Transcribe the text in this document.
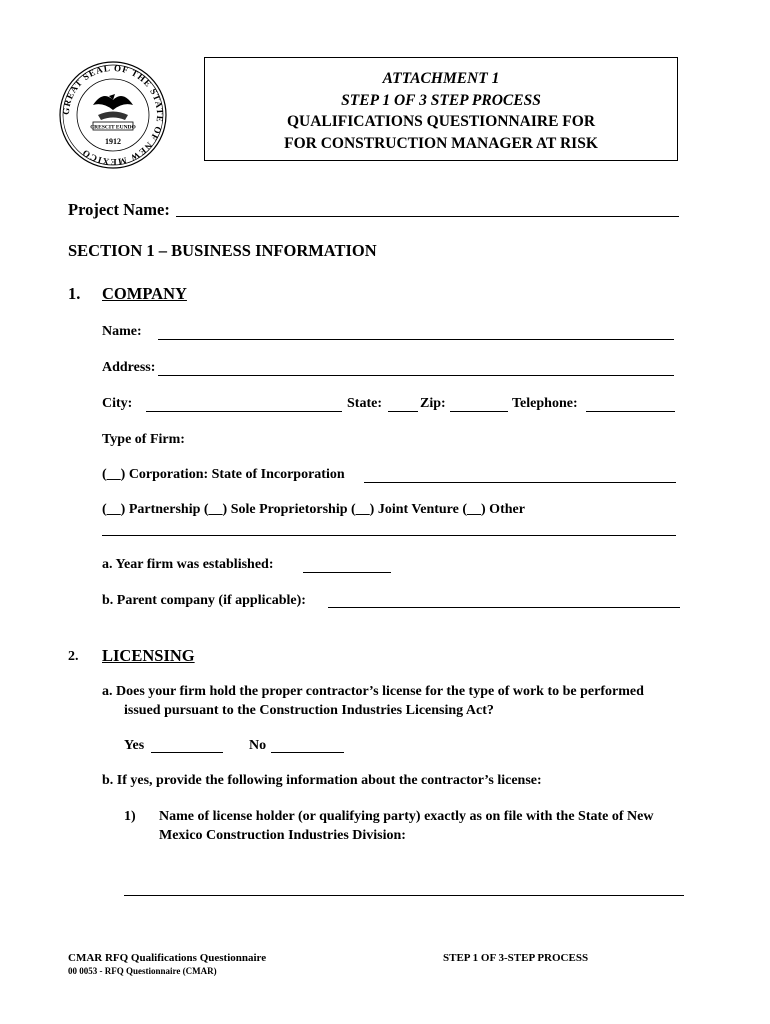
GREAT SEAL OF THE STATE OF NEW MEXICO
CRESCIT EUNDO
1912
ATTACHMENT 1
STEP 1 OF 3 STEP PROCESS
QUALIFICATIONS QUESTIONNAIRE FOR
FOR CONSTRUCTION MANAGER AT RISK
Project Name:
SECTION 1 – BUSINESS INFORMATION
1. COMPANY
Name:
Address:
City:	State:	Zip:	Telephone:
Type of Firm:
(__) Corporation: State of Incorporation
(__) Partnership (__) Sole Proprietorship (__) Joint Venture (__) Other
a. Year firm was established:
b. Parent company (if applicable):
2. LICENSING
a. Does your firm hold the proper contractor’s license for the type of work to be performed
issued pursuant to the Construction Industries Licensing Act?
Yes	No
b. If yes, provide the following information about the contractor’s license:
1) Name of license holder (or qualifying party) exactly as on file with the State of New
Mexico Construction Industries Division:
CMAR RFQ Qualifications Questionnaire
00 0053 - RFQ Questionnaire (CMAR)
STEP 1 OF 3-STEP PROCESS
